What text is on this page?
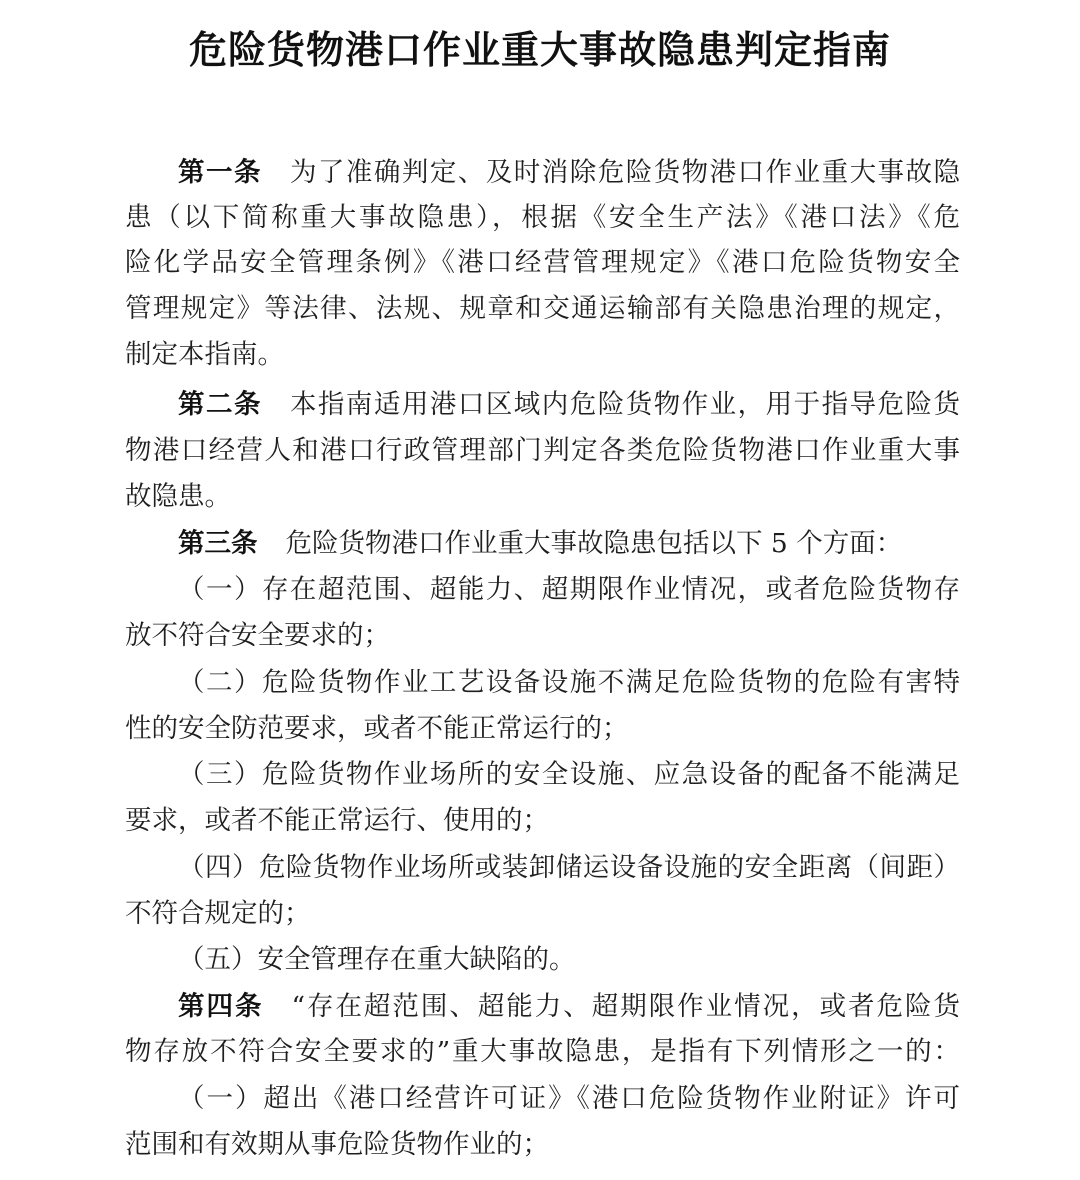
危险货物港口作业重大事故隐患判定指南
第一条 为了准确判定、及时消除危险货物港口作业重大事故隐
患（以下简称重大事故隐患），根据《安全生产法》《港口法》《危
险化学品安全管理条例》《港口经营管理规定》《港口危险货物安全
管理规定》等法律、法规、规章和交通运输部有关隐患治理的规定，
制定本指南。
第二条 本指南适用港口区域内危险货物作业，用于指导危险货
物港口经营人和港口行政管理部门判定各类危险货物港口作业重大事
故隐患。
第三条 危险货物港口作业重大事故隐患包括以下 5 个方面：
（一）存在超范围、超能力、超期限作业情况，或者危险货物存
放不符合安全要求的；
（二）危险货物作业工艺设备设施不满足危险货物的危险有害特
性的安全防范要求，或者不能正常运行的；
（三）危险货物作业场所的安全设施、应急设备的配备不能满足
要求，或者不能正常运行、使用的；
（四）危险货物作业场所或装卸储运设备设施的安全距离（间距）
不符合规定的；
（五）安全管理存在重大缺陷的。
第四条 “存在超范围、超能力、超期限作业情况，或者危险货
物存放不符合安全要求的”重大事故隐患，是指有下列情形之一的：
（一）超出《港口经营许可证》《港口危险货物作业附证》许可
范围和有效期从事危险货物作业的；
